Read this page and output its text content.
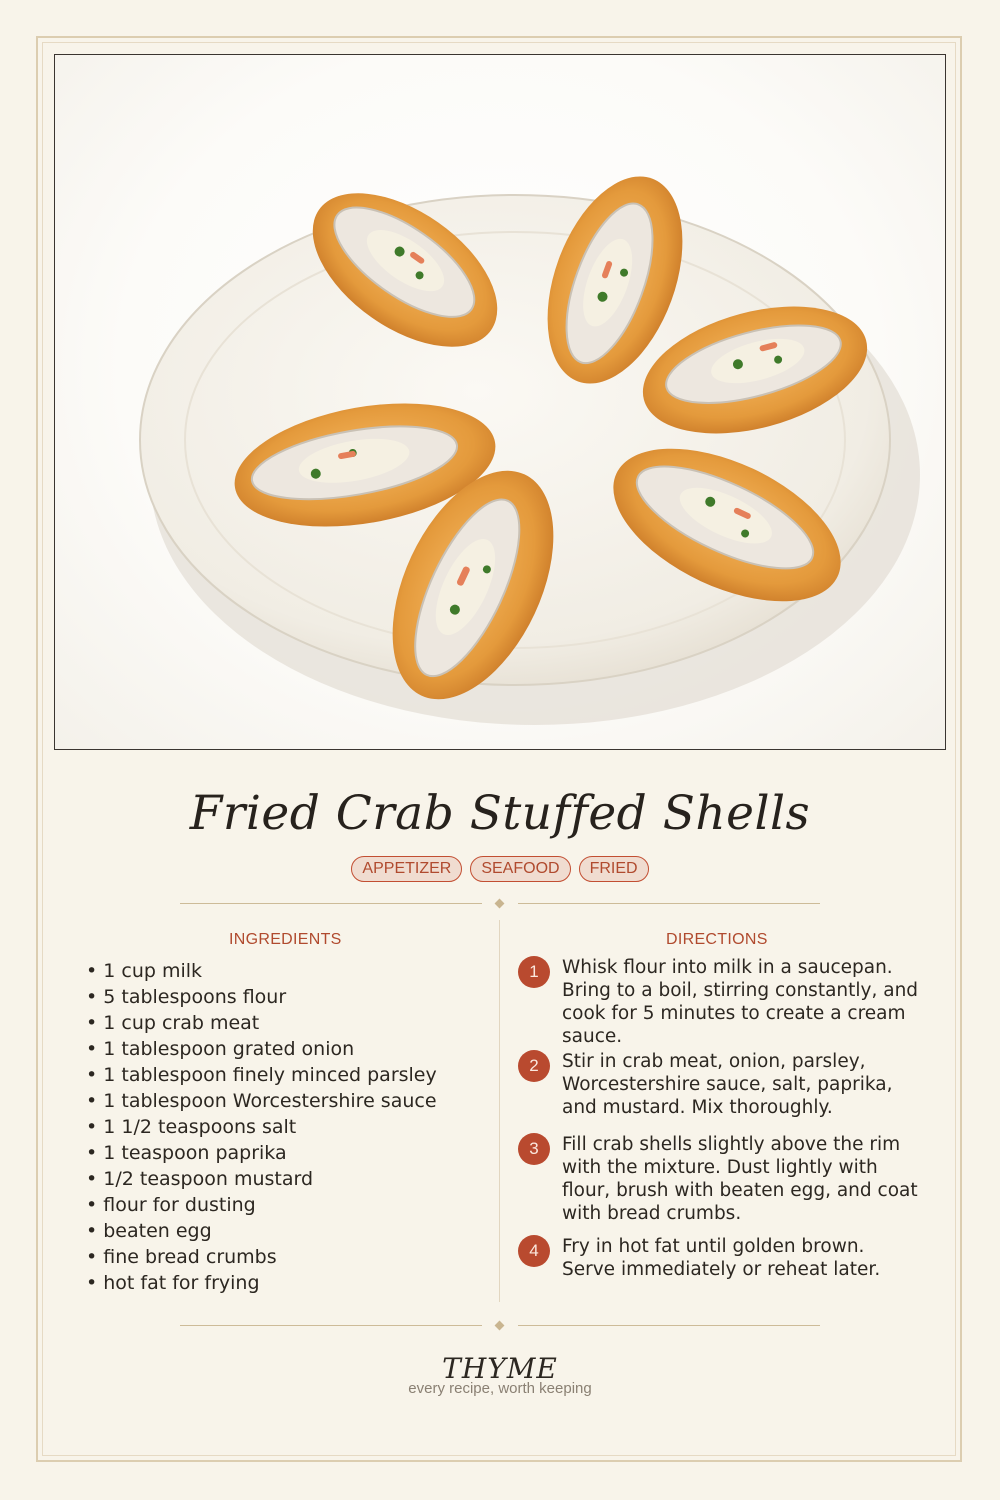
Fried Crab Stuffed Shells
APPETIZER SEAFOOD FRIED
INGREDIENTS
• 1 cup milk
• 5 tablespoons flour
• 1 cup crab meat
• 1 tablespoon grated onion
• 1 tablespoon finely minced parsley
• 1 tablespoon Worcestershire sauce
• 1 1/2 teaspoons salt
• 1 teaspoon paprika
• 1/2 teaspoon mustard
• flour for dusting
• beaten egg
• fine bread crumbs
• hot fat for frying
DIRECTIONS
1	Whisk flour into milk in a saucepan. Bring to a boil, stirring constantly, and cook for 5 minutes to create a cream sauce.
2	Stir in crab meat, onion, parsley, Worcestershire sauce, salt, paprika, and mustard. Mix thoroughly.
3	Fill crab shells slightly above the rim with the mixture. Dust lightly with flour, brush with beaten egg, and coat with bread crumbs.
4	Fry in hot fat until golden brown. Serve immediately or reheat later.
THYME
every recipe, worth keeping
